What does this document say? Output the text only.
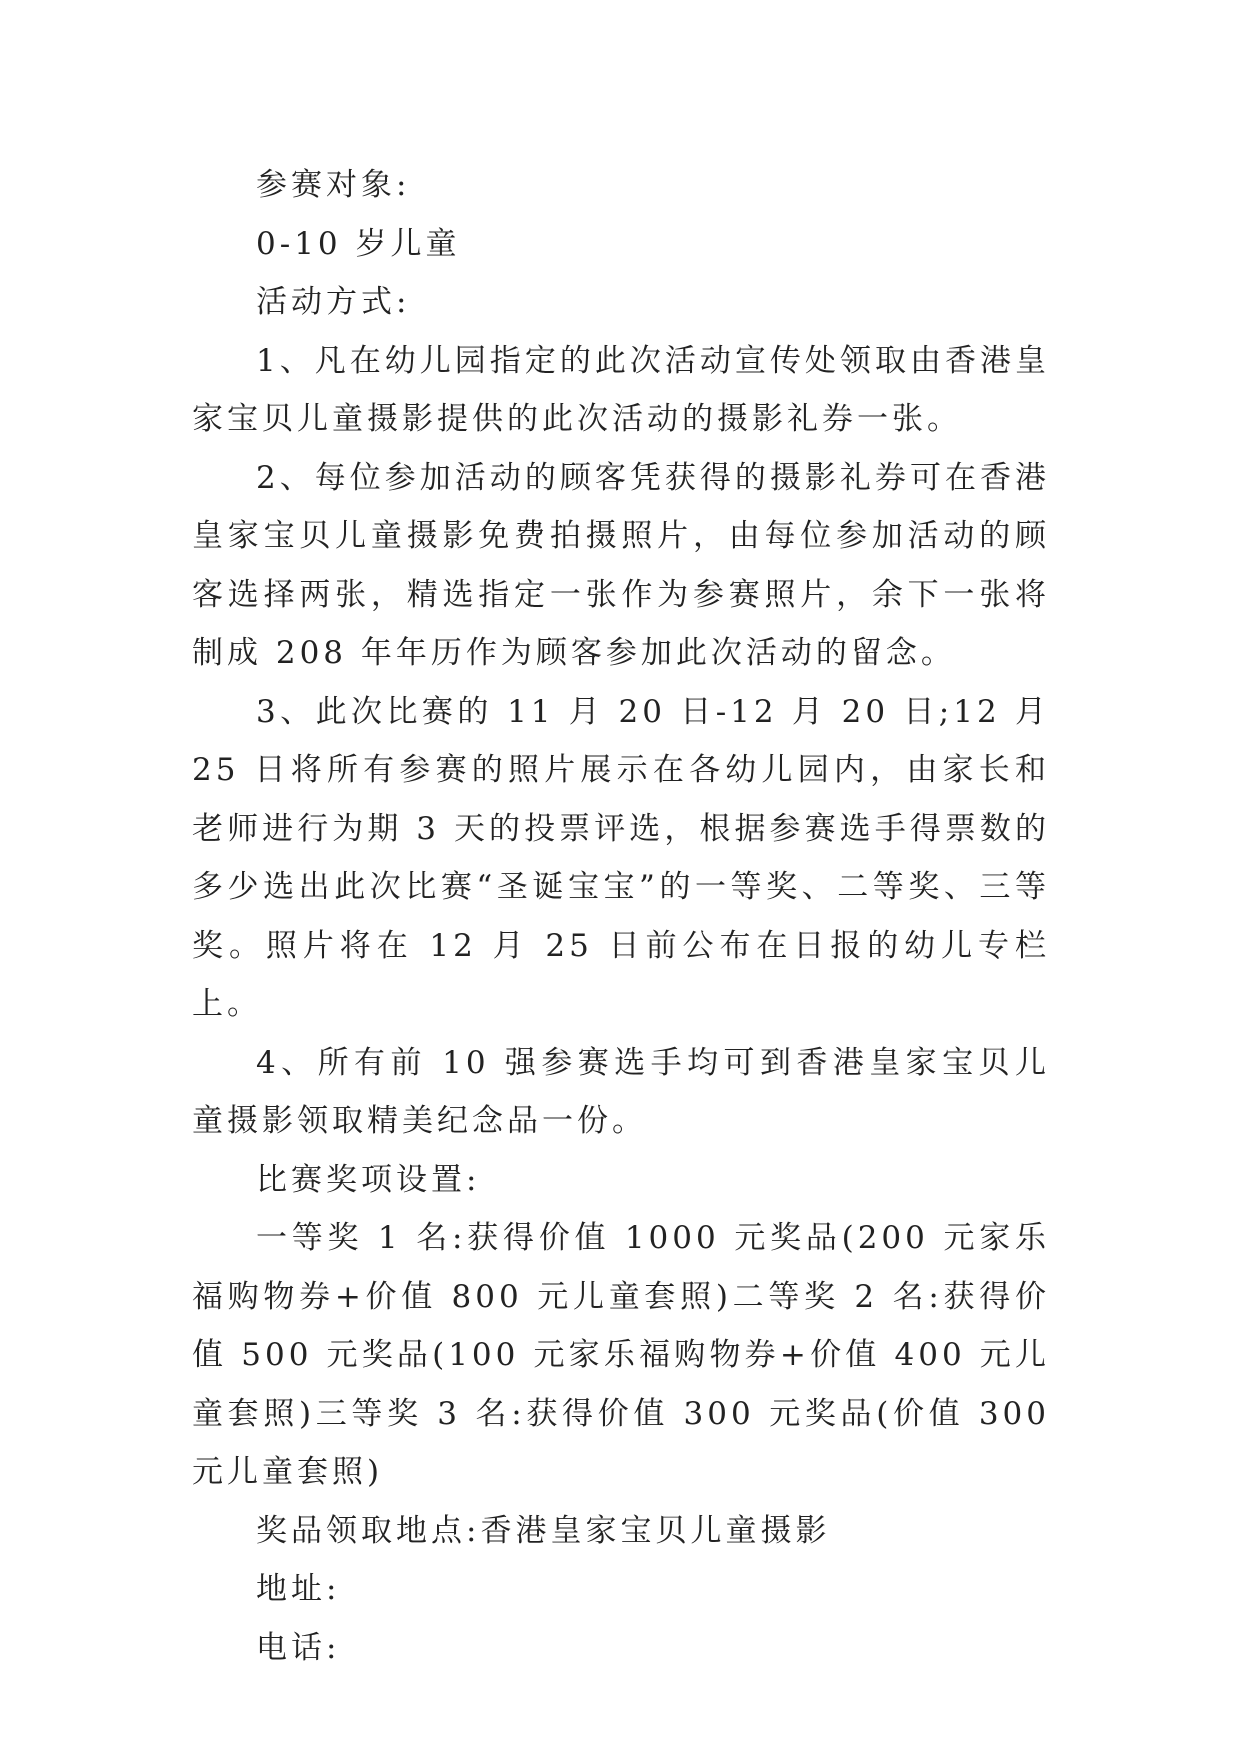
参赛对象:

0-10 岁儿童

活动方式:

1、凡在幼儿园指定的此次活动宣传处领取由香港皇家宝贝儿童摄影提供的此次活动的摄影礼券一张。

2、每位参加活动的顾客凭获得的摄影礼券可在香港皇家宝贝儿童摄影免费拍摄照片，由每位参加活动的顾客选择两张，精选指定一张作为参赛照片，余下一张将制成 208 年年历作为顾客参加此次活动的留念。

3、此次比赛的 11 月 20 日-12 月 20 日;12 月 25 日将所有参赛的照片展示在各幼儿园内，由家长和老师进行为期 3 天的投票评选，根据参赛选手得票数的多少选出此次比赛“圣诞宝宝”的一等奖、二等奖、三等奖。照片将在 12 月 25 日前公布在日报的幼儿专栏上。

4、所有前 10 强参赛选手均可到香港皇家宝贝儿童摄影领取精美纪念品一份。

比赛奖项设置:

一等奖 1 名:获得价值 1000 元奖品(200 元家乐福购物券+价值 800 元儿童套照)二等奖 2 名:获得价值 500 元奖品(100 元家乐福购物券+价值 400 元儿童套照)三等奖 3 名:获得价值 300 元奖品(价值 300 元儿童套照)

奖品领取地点:香港皇家宝贝儿童摄影

地址:

电话:
